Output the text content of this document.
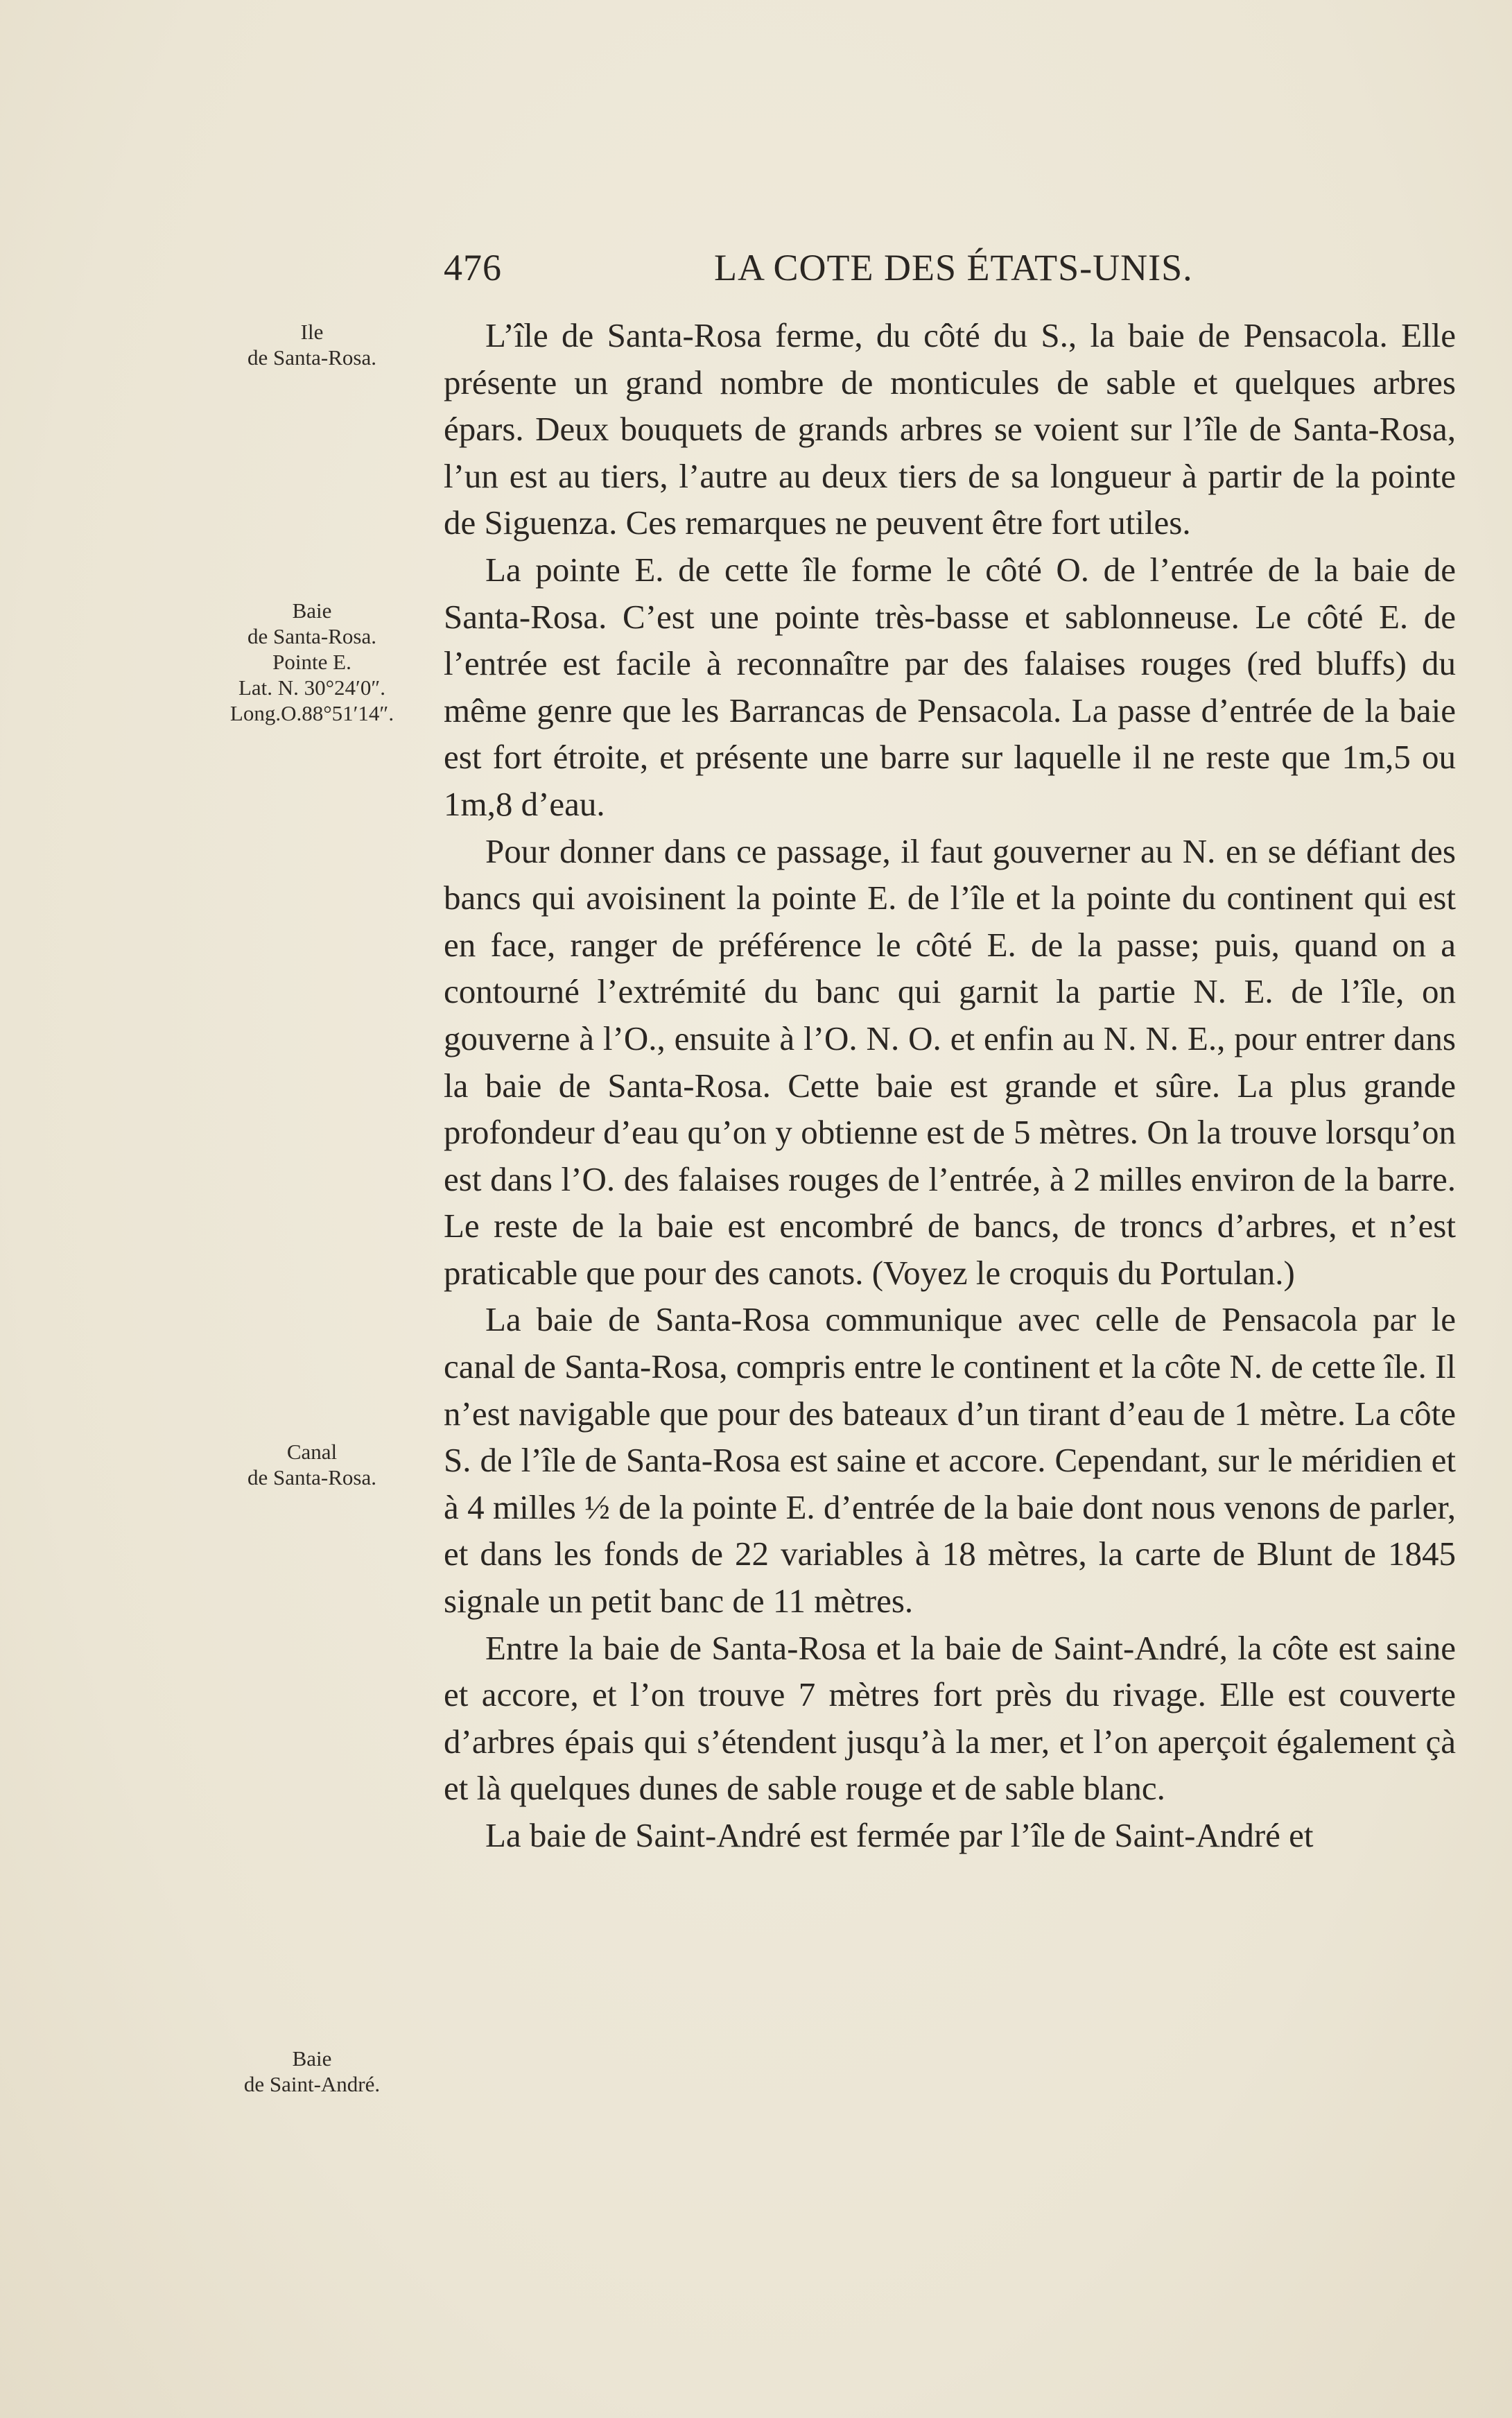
476	LA COTE DES ÉTATS-UNIS.
Ile
de Santa-Rosa.
Baie
de Santa-Rosa.
Pointe E.
Lat. N. 30°24′0″.
Long.O.88°51′14″.
Canal
de Santa-Rosa.
Baie
de Saint-André.

L’île de Santa-Rosa ferme, du côté du S., la baie de Pensacola. Elle présente un grand nombre de monticules de sable et quelques arbres épars. Deux bouquets de grands arbres se voient sur l’île de Santa-Rosa, l’un est au tiers, l’autre au deux tiers de sa longueur à partir de la pointe de Siguenza. Ces remarques ne peuvent être fort utiles.

La pointe E. de cette île forme le côté O. de l’entrée de la baie de Santa-Rosa. C’est une pointe très-basse et sablonneuse. Le côté E. de l’entrée est facile à reconnaître par des falaises rouges (red bluffs) du même genre que les Barrancas de Pensacola. La passe d’entrée de la baie est fort étroite, et présente une barre sur laquelle il ne reste que 1m,5 ou 1m,8 d’eau.

Pour donner dans ce passage, il faut gouverner au N. en se défiant des bancs qui avoisinent la pointe E. de l’île et la pointe du continent qui est en face, ranger de préférence le côté E. de la passe; puis, quand on a contourné l’extrémité du banc qui garnit la partie N. E. de l’île, on gouverne à l’O., ensuite à l’O. N. O. et enfin au N. N. E., pour entrer dans la baie de Santa-Rosa. Cette baie est grande et sûre. La plus grande profondeur d’eau qu’on y obtienne est de 5 mètres. On la trouve lorsqu’on est dans l’O. des falaises rouges de l’entrée, à 2 milles environ de la barre. Le reste de la baie est encombré de bancs, de troncs d’arbres, et n’est praticable que pour des canots. (Voyez le croquis du Portulan.)

La baie de Santa-Rosa communique avec celle de Pensacola par le canal de Santa-Rosa, compris entre le continent et la côte N. de cette île. Il n’est navigable que pour des bateaux d’un tirant d’eau de 1 mètre. La côte S. de l’île de Santa-Rosa est saine et accore. Cependant, sur le méridien et à 4 milles ½ de la pointe E. d’entrée de la baie dont nous venons de parler, et dans les fonds de 22 variables à 18 mètres, la carte de Blunt de 1845 signale un petit banc de 11 mètres.

Entre la baie de Santa-Rosa et la baie de Saint-André, la côte est saine et accore, et l’on trouve 7 mètres fort près du rivage. Elle est couverte d’arbres épais qui s’étendent jusqu’à la mer, et l’on aperçoit également çà et là quelques dunes de sable rouge et de sable blanc.

La baie de Saint-André est fermée par l’île de Saint-André et
